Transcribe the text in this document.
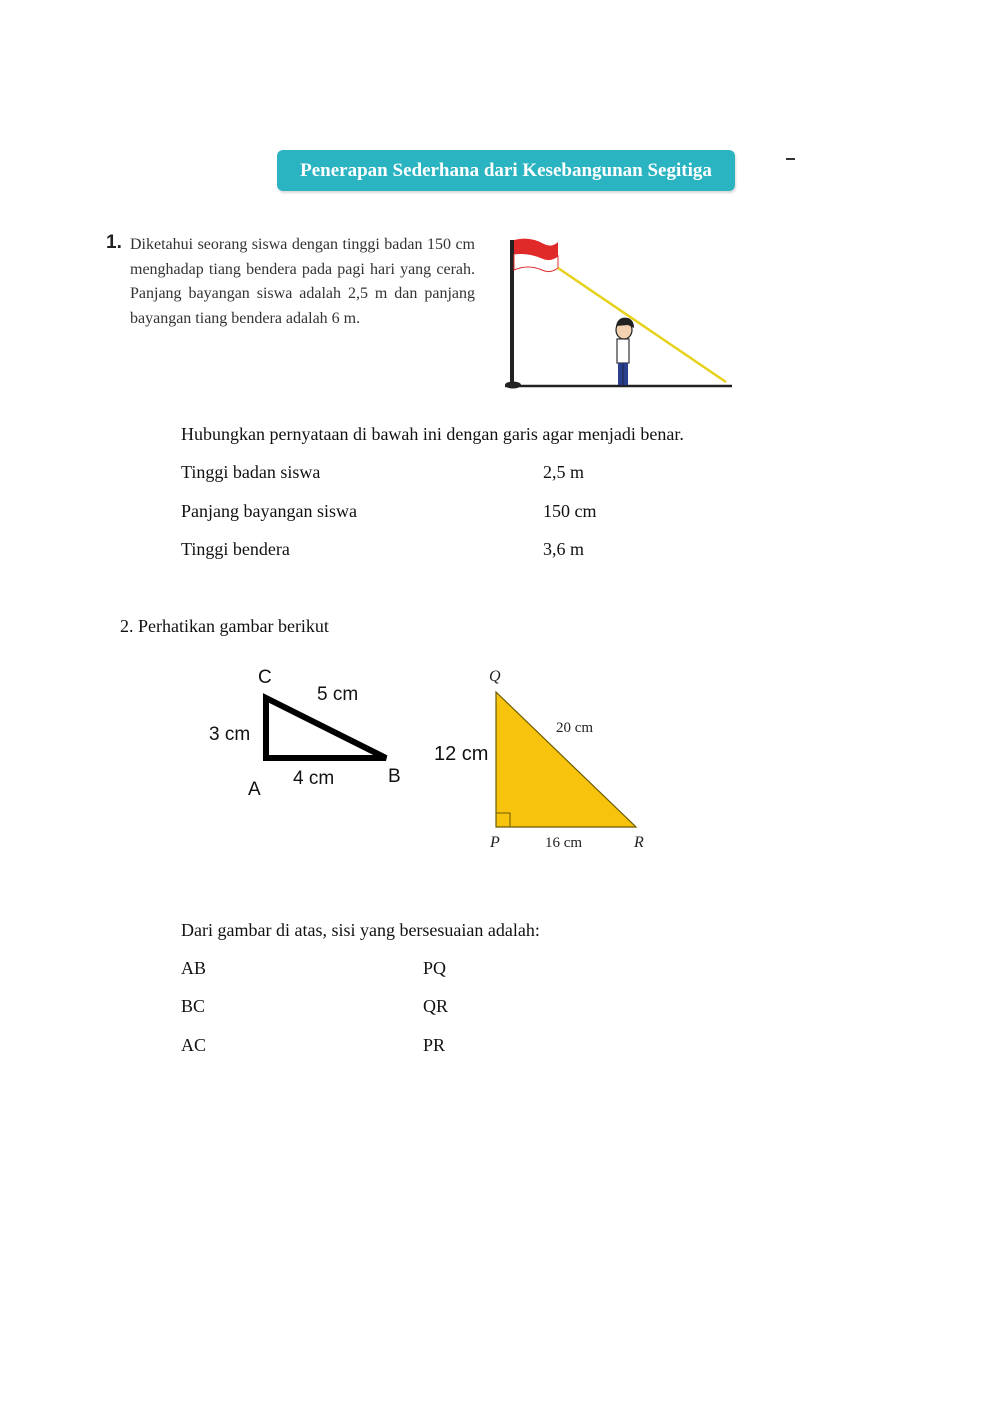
Penerapan Sederhana dari Kesebangunan Segitiga
1. Diketahui seorang siswa dengan tinggi badan 150 cm menghadap tiang bendera pada pagi hari yang cerah. Panjang bayangan siswa adalah 2,5 m dan panjang bayangan tiang bendera adalah 6 m.
Hubungkan pernyataan di bawah ini dengan garis agar menjadi benar.
Tinggi badan siswa	2,5 m
Panjang bayangan siswa	150 cm
Tinggi bendera	3,6 m
2. Perhatikan gambar berikut
C
5 cm
3 cm
4 cm	B
A
Q
20 cm
12 cm
P	16 cm	R
Dari gambar di atas, sisi yang bersesuaian adalah:
AB	PQ
BC	QR
AC	PR
